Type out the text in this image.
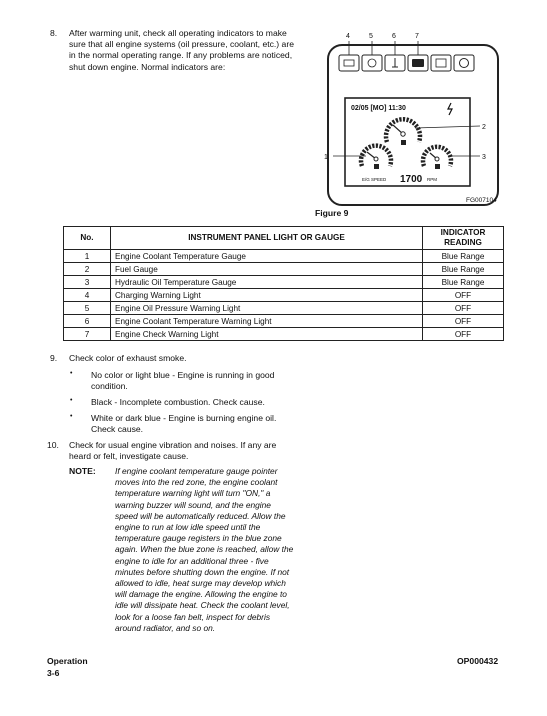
8. After warming unit, check all operating indicators to make
sure that all engine systems (oil pressure, coolant, etc.) are
in the normal operating range. If any problems are noticed,
shut down engine. Normal indicators are:
02/05 [MO] 11:30
E/G SPEED 1700 RPM
1
2
3
4	5	6	7
FG007104
Figure 9
No.	INSTRUMENT PANEL LIGHT OR GAUGE	INDICATOR
READING

1	Engine Coolant Temperature Gauge	Blue Range
2	Fuel Gauge	Blue Range
3	Hydraulic Oil Temperature Gauge	Blue Range
4	Charging Warning Light	OFF
5	Engine Oil Pressure Warning Light	OFF
6	Engine Coolant Temperature Warning Light	OFF
7	Engine Check Warning Light	OFF
9. Check color of exhaust smoke.
• No color or light blue - Engine is running in good
condition.
• Black - Incomplete combustion. Check cause.
• White or dark blue - Engine is burning engine oil.
Check cause.
10. Check for usual engine vibration and noises. If any are
heard or felt, investigate cause.
NOTE: If engine coolant temperature gauge pointer
moves into the red zone, the engine coolant
temperature warning light will turn "ON," a
warning buzzer will sound, and the engine
speed will be automatically reduced. Allow the
engine to run at low idle speed until the
temperature gauge registers in the blue zone
again. When the blue zone is reached, allow the
engine to idle for an additional three - five
minutes before shutting down the engine. If not
allowed to idle, heat surge may develop which
will damage the engine. Allowing the engine to
idle will dissipate heat. Check the coolant level,
look for a loose fan belt, inspect for debris
around radiator, and so on.
Operation
3-6
OP000432
